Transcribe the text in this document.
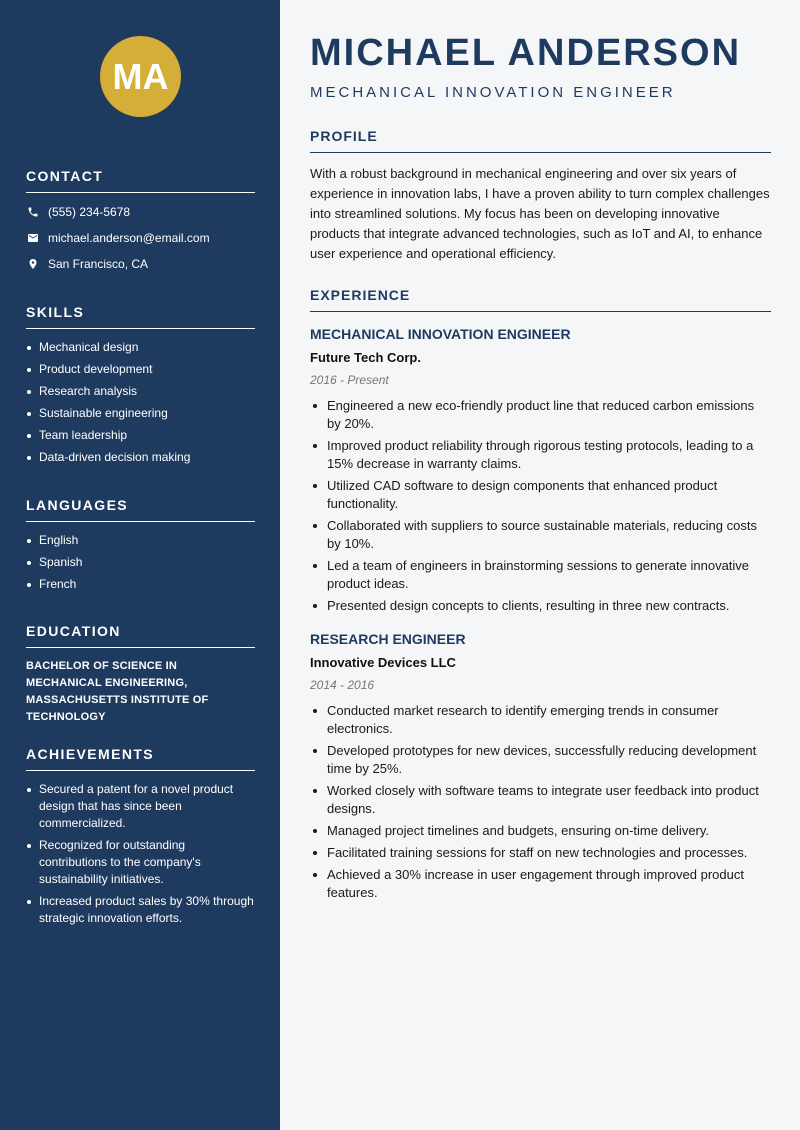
MA
CONTACT
(555) 234-5678
michael.anderson@email.com
San Francisco, CA
SKILLS
Mechanical design
Product development
Research analysis
Sustainable engineering
Team leadership
Data-driven decision making
LANGUAGES
English
Spanish
French
EDUCATION
BACHELOR OF SCIENCE IN MECHANICAL ENGINEERING, MASSACHUSETTS INSTITUTE OF TECHNOLOGY
ACHIEVEMENTS
Secured a patent for a novel product design that has since been commercialized.
Recognized for outstanding contributions to the company's sustainability initiatives.
Increased product sales by 30% through strategic innovation efforts.
MICHAEL ANDERSON
MECHANICAL INNOVATION ENGINEER
PROFILE
With a robust background in mechanical engineering and over six years of experience in innovation labs, I have a proven ability to turn complex challenges into streamlined solutions. My focus has been on developing innovative products that integrate advanced technologies, such as IoT and AI, to enhance user experience and operational efficiency.
EXPERIENCE
MECHANICAL INNOVATION ENGINEER
Future Tech Corp.
2016 - Present
Engineered a new eco-friendly product line that reduced carbon emissions by 20%.
Improved product reliability through rigorous testing protocols, leading to a 15% decrease in warranty claims.
Utilized CAD software to design components that enhanced product functionality.
Collaborated with suppliers to source sustainable materials, reducing costs by 10%.
Led a team of engineers in brainstorming sessions to generate innovative product ideas.
Presented design concepts to clients, resulting in three new contracts.
RESEARCH ENGINEER
Innovative Devices LLC
2014 - 2016
Conducted market research to identify emerging trends in consumer electronics.
Developed prototypes for new devices, successfully reducing development time by 25%.
Worked closely with software teams to integrate user feedback into product designs.
Managed project timelines and budgets, ensuring on-time delivery.
Facilitated training sessions for staff on new technologies and processes.
Achieved a 30% increase in user engagement through improved product features.
